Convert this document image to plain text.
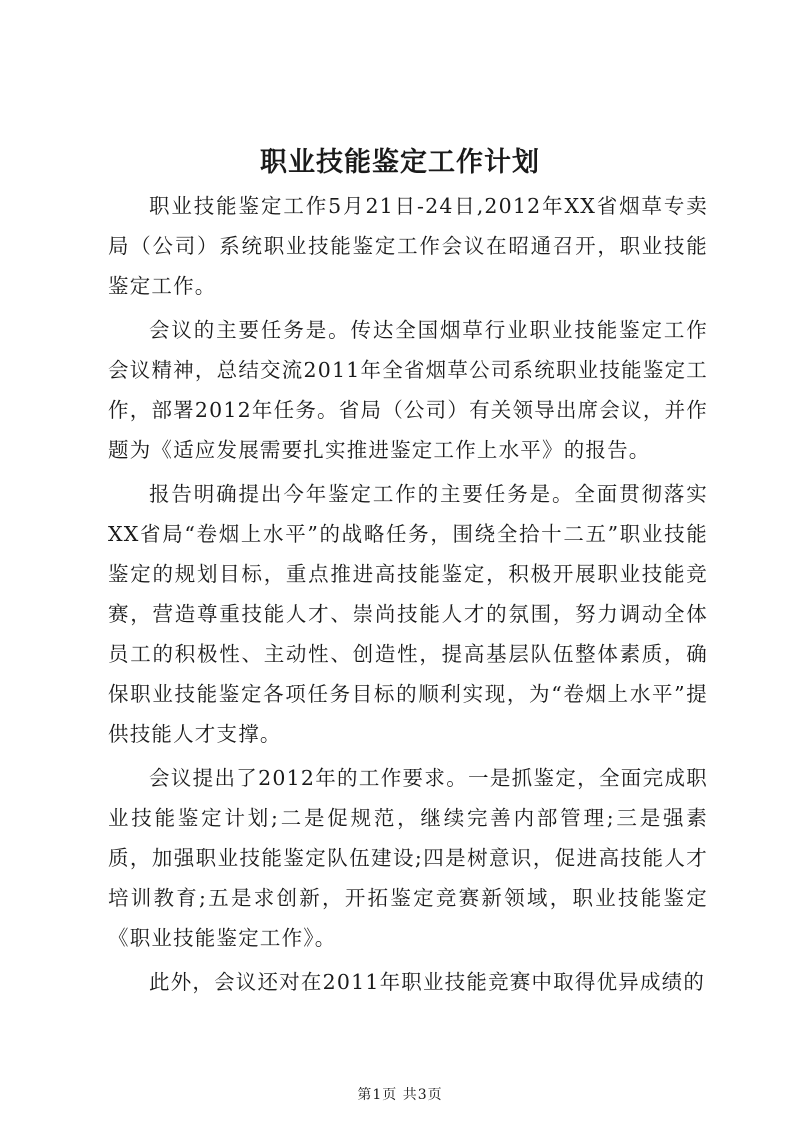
职业技能鉴定工作计划

职业技能鉴定工作5月21日-24日,2012年XX省烟草专卖局（公司）系统职业技能鉴定工作会议在昭通召开，职业技能鉴定工作。

会议的主要任务是。传达全国烟草行业职业技能鉴定工作会议精神，总结交流2011年全省烟草公司系统职业技能鉴定工作，部署2012年任务。省局（公司）有关领导出席会议，并作题为《适应发展需要扎实推进鉴定工作上水平》的报告。

报告明确提出今年鉴定工作的主要任务是。全面贯彻落实XX省局“卷烟上水平”的战略任务，围绕全拾十二五”职业技能鉴定的规划目标，重点推进高技能鉴定，积极开展职业技能竞赛，营造尊重技能人才、崇尚技能人才的氛围，努力调动全体员工的积极性、主动性、创造性，提高基层队伍整体素质，确保职业技能鉴定各项任务目标的顺利实现，为“卷烟上水平”提供技能人才支撑。

会议提出了2012年的工作要求。一是抓鉴定，全面完成职业技能鉴定计划;二是促规范，继续完善内部管理;三是强素质，加强职业技能鉴定队伍建设;四是树意识，促进高技能人才培训教育;五是求创新，开拓鉴定竞赛新领域，职业技能鉴定《职业技能鉴定工作》。

此外，会议还对在2011年职业技能竞赛中取得优异成绩的

第1页 共3页
